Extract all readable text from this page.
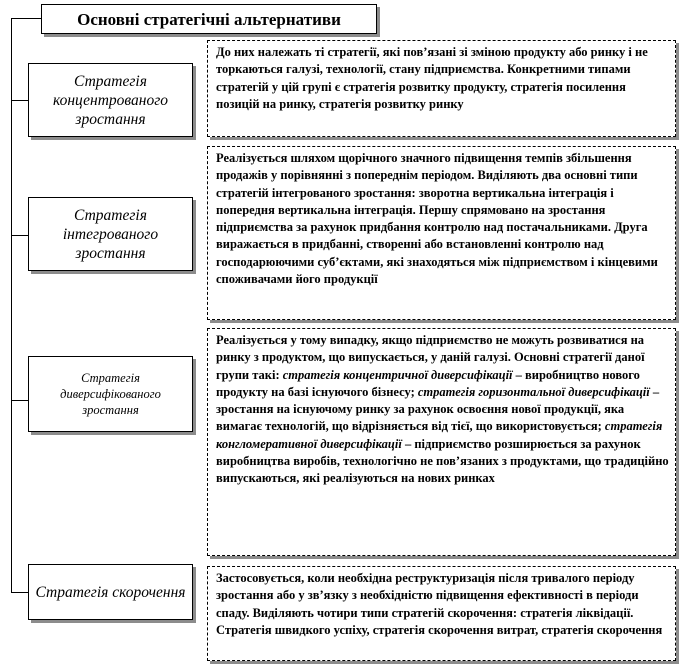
Основні стратегічні альтернативи
Стратегія концентрованого зростання
До них належать ті стратегії, які пов’язані зі зміною продукту або ринку і не торкаються галузі, технології, стану підприємства. Конкретними типами стратегій у цій групі є стратегія розвитку продукту, стратегія посилення позицій на ринку, стратегія розвитку ринку
Стратегія інтегрованого зростання
Реалізується шляхом щорічного значного підвищення темпів збільшення продажів у порівнянні з попереднім періодом. Виділяють два основні типи стратегій інтегрованого зростання: зворотна вертикальна інтеграція і попередня вертикальна інтеграція. Першу спрямовано на зростання підприємства за рахунок придбання контролю над постачальниками. Друга виражається в придбанні, створенні або встановленні контролю над господарюючими суб’єктами, які знаходяться між підприємством і кінцевими споживачами його продукції
Стратегія диверсифікованого зростання
Реалізується у тому випадку, якщо підприємство не можуть розвиватися на ринку з продуктом, що випускається, у даній галузі. Основні стратегії даної групи такі: стратегія концентричної диверсифікації – виробництво нового продукту на базі існуючого бізнесу; стратегія горизонтальної диверсифікації – зростання на існуючому ринку за рахунок освоєння нової продукції, яка вимагає технологій, що відрізняється від тієї, що використовується; стратегія конгломеративної диверсифікації – підприємство розширюється за рахунок виробництва виробів, технологічно не пов’язаних з продуктами, що традиційно випускаються, які реалізуються на нових ринках
Стратегія скорочення
Застосовується, коли необхідна реструктуризація після тривалого періоду зростання або у зв’язку з необхідністю підвищення ефективності в періоди спаду. Виділяють чотири типи стратегій скорочення: стратегія ліквідації. Стратегія швидкого успіху, стратегія скорочення витрат, стратегія скорочення
